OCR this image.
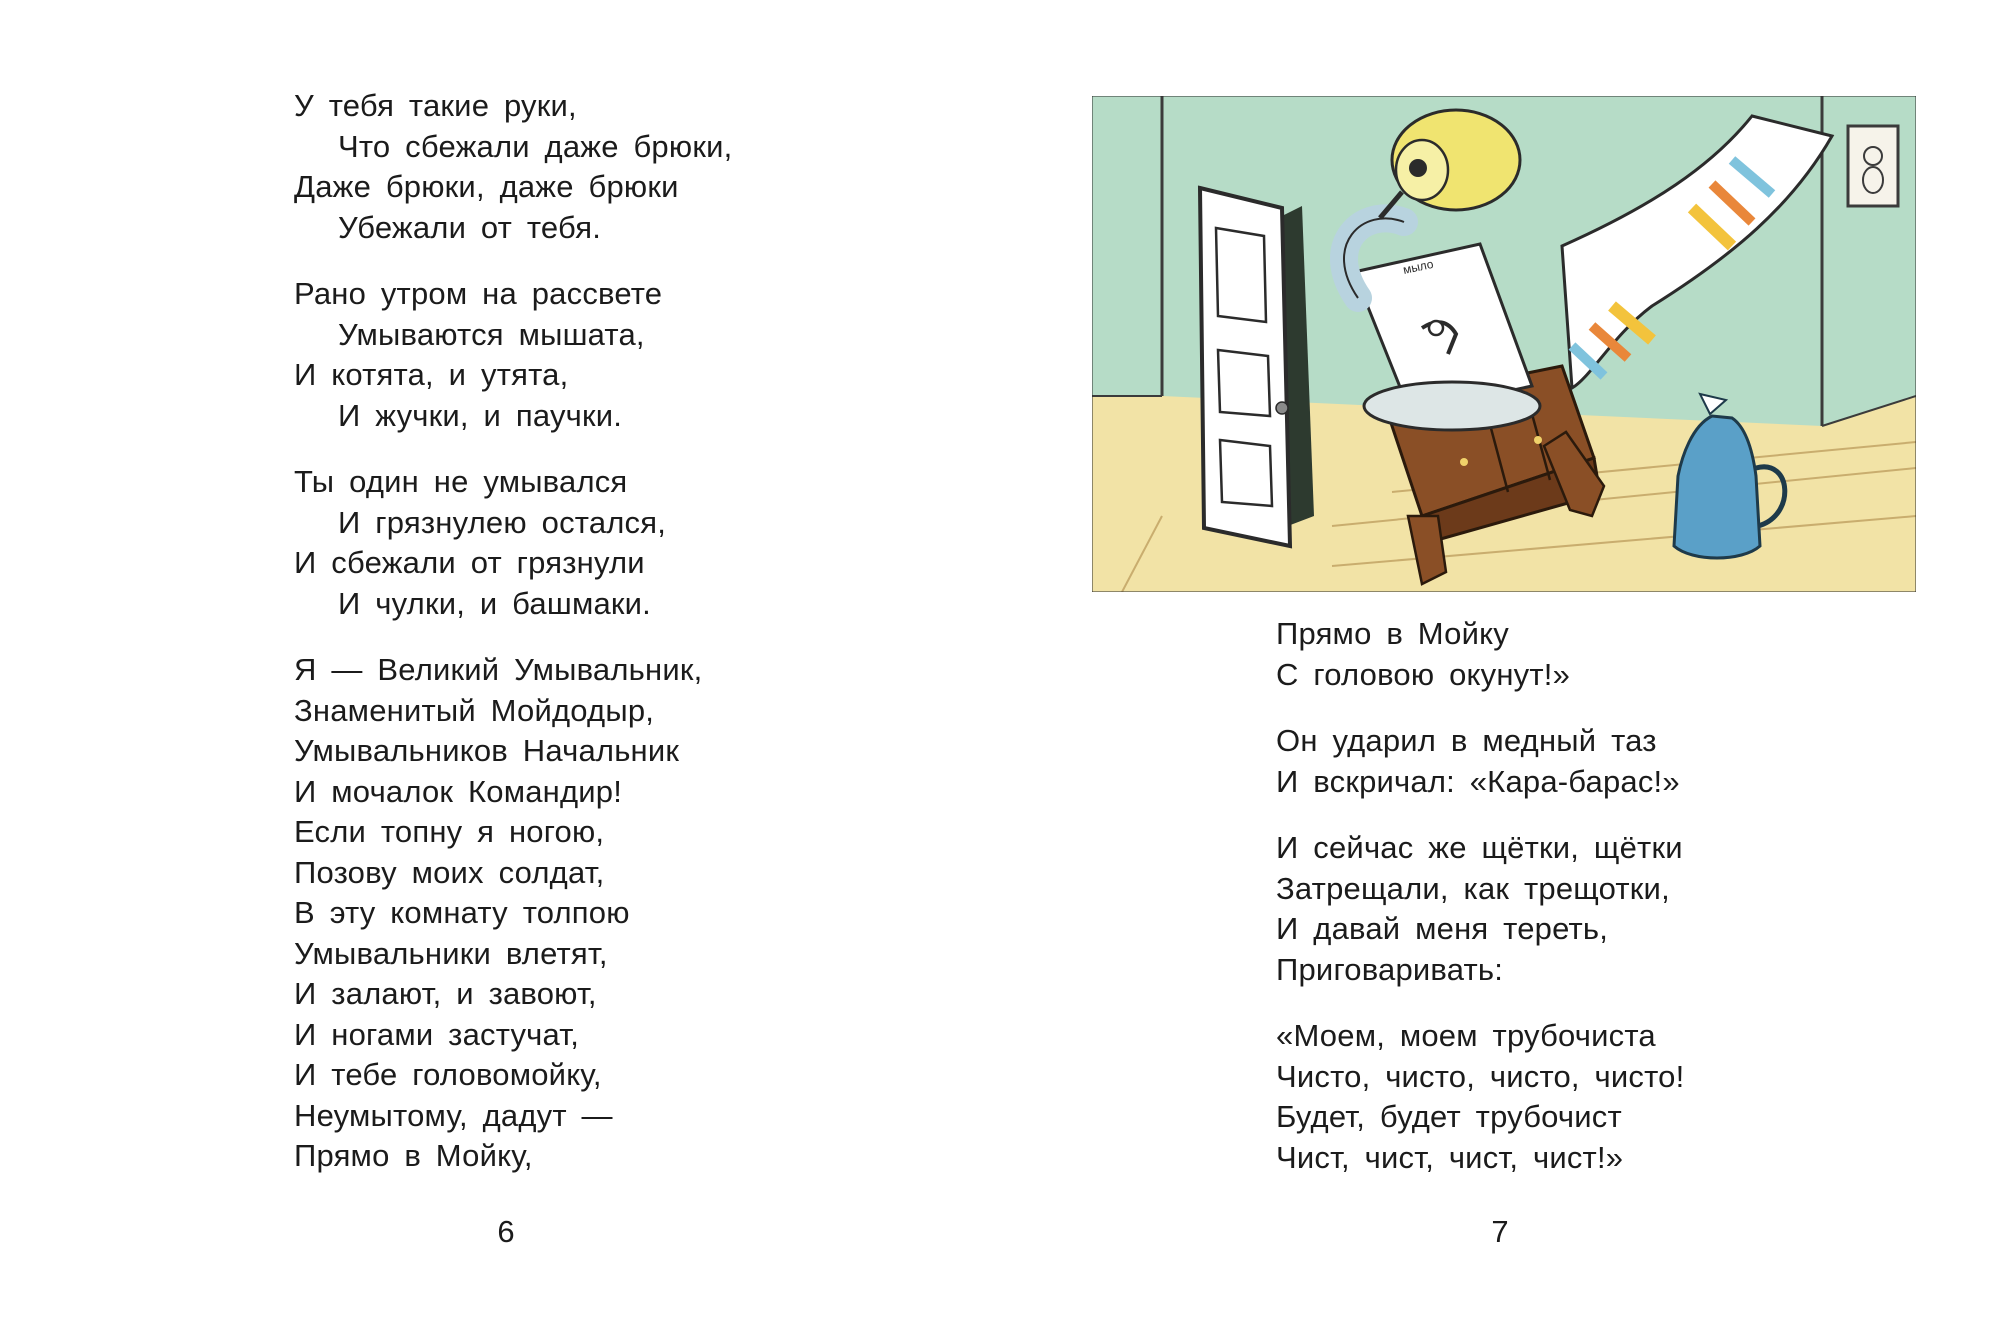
У тебя такие руки,
Что сбежали даже брюки,
Даже брюки, даже брюки
Убежали от тебя.
Рано утром на рассвете
Умываются мышата,
И котята, и утята,
И жучки, и паучки.
Ты один не умывался
И грязнулею остался,
И сбежали от грязнули
И чулки, и башмаки.
Я — Великий Умывальник,
Знаменитый Мойдодыр,
Умывальников Начальник
И мочалок Командир!
Если топну я ногою,
Позову моих солдат,
В эту комнату толпою
Умывальники влетят,
И залают, и завоют,
И ногами застучат,
И тебе головомойку,
Неумытому, дадут —
Прямо в Мойку,
6
мыло
Прямо в Мойку
С головою окунут!»
Он ударил в медный таз
И вскричал: «Кара-барас!»
И сейчас же щётки, щётки
Затрещали, как трещотки,
И давай меня тереть,
Приговаривать:
«Моем, моем трубочиста
Чисто, чисто, чисто, чисто!
Будет, будет трубочист
Чист, чист, чист, чист!»
7
